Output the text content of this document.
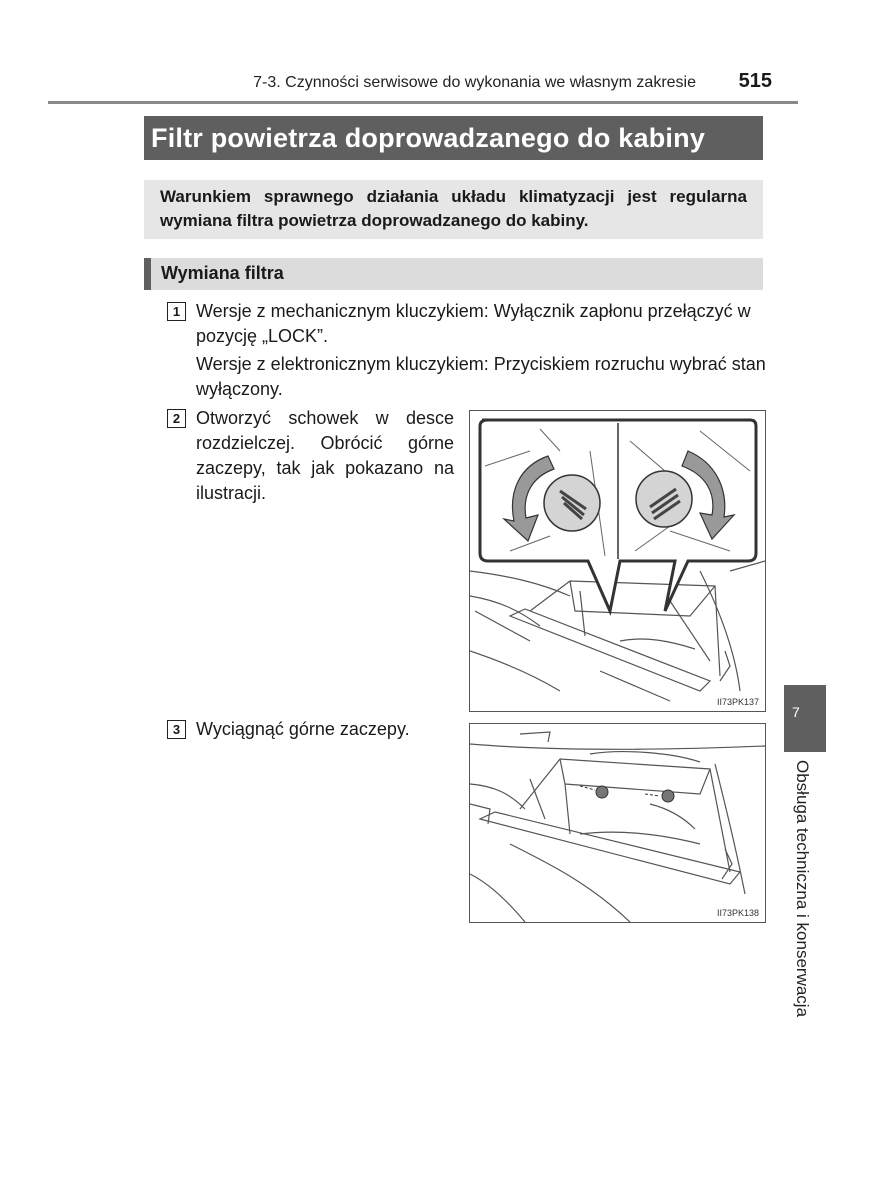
7-3. Czynności serwisowe do wykonania we własnym zakresie	515
Filtr powietrza doprowadzanego do kabiny
Warunkiem sprawnego działania układu klimatyzacji jest regularna wymiana filtra powietrza doprowadzanego do kabiny.
Wymiana filtra
1 Wersje z mechanicznym kluczykiem: Wyłącznik zapłonu przełączyć w pozycję „LOCK”.
Wersje z elektronicznym kluczykiem: Przyciskiem rozruchu wybrać stan wyłączony.
2 Otworzyć schowek w desce rozdzielczej. Obrócić górne zaczepy, tak jak pokazano na ilustracji.
II73PK137
3 Wyciągnąć górne zaczepy.
II73PK138
7
Obsługa techniczna i konserwacja
